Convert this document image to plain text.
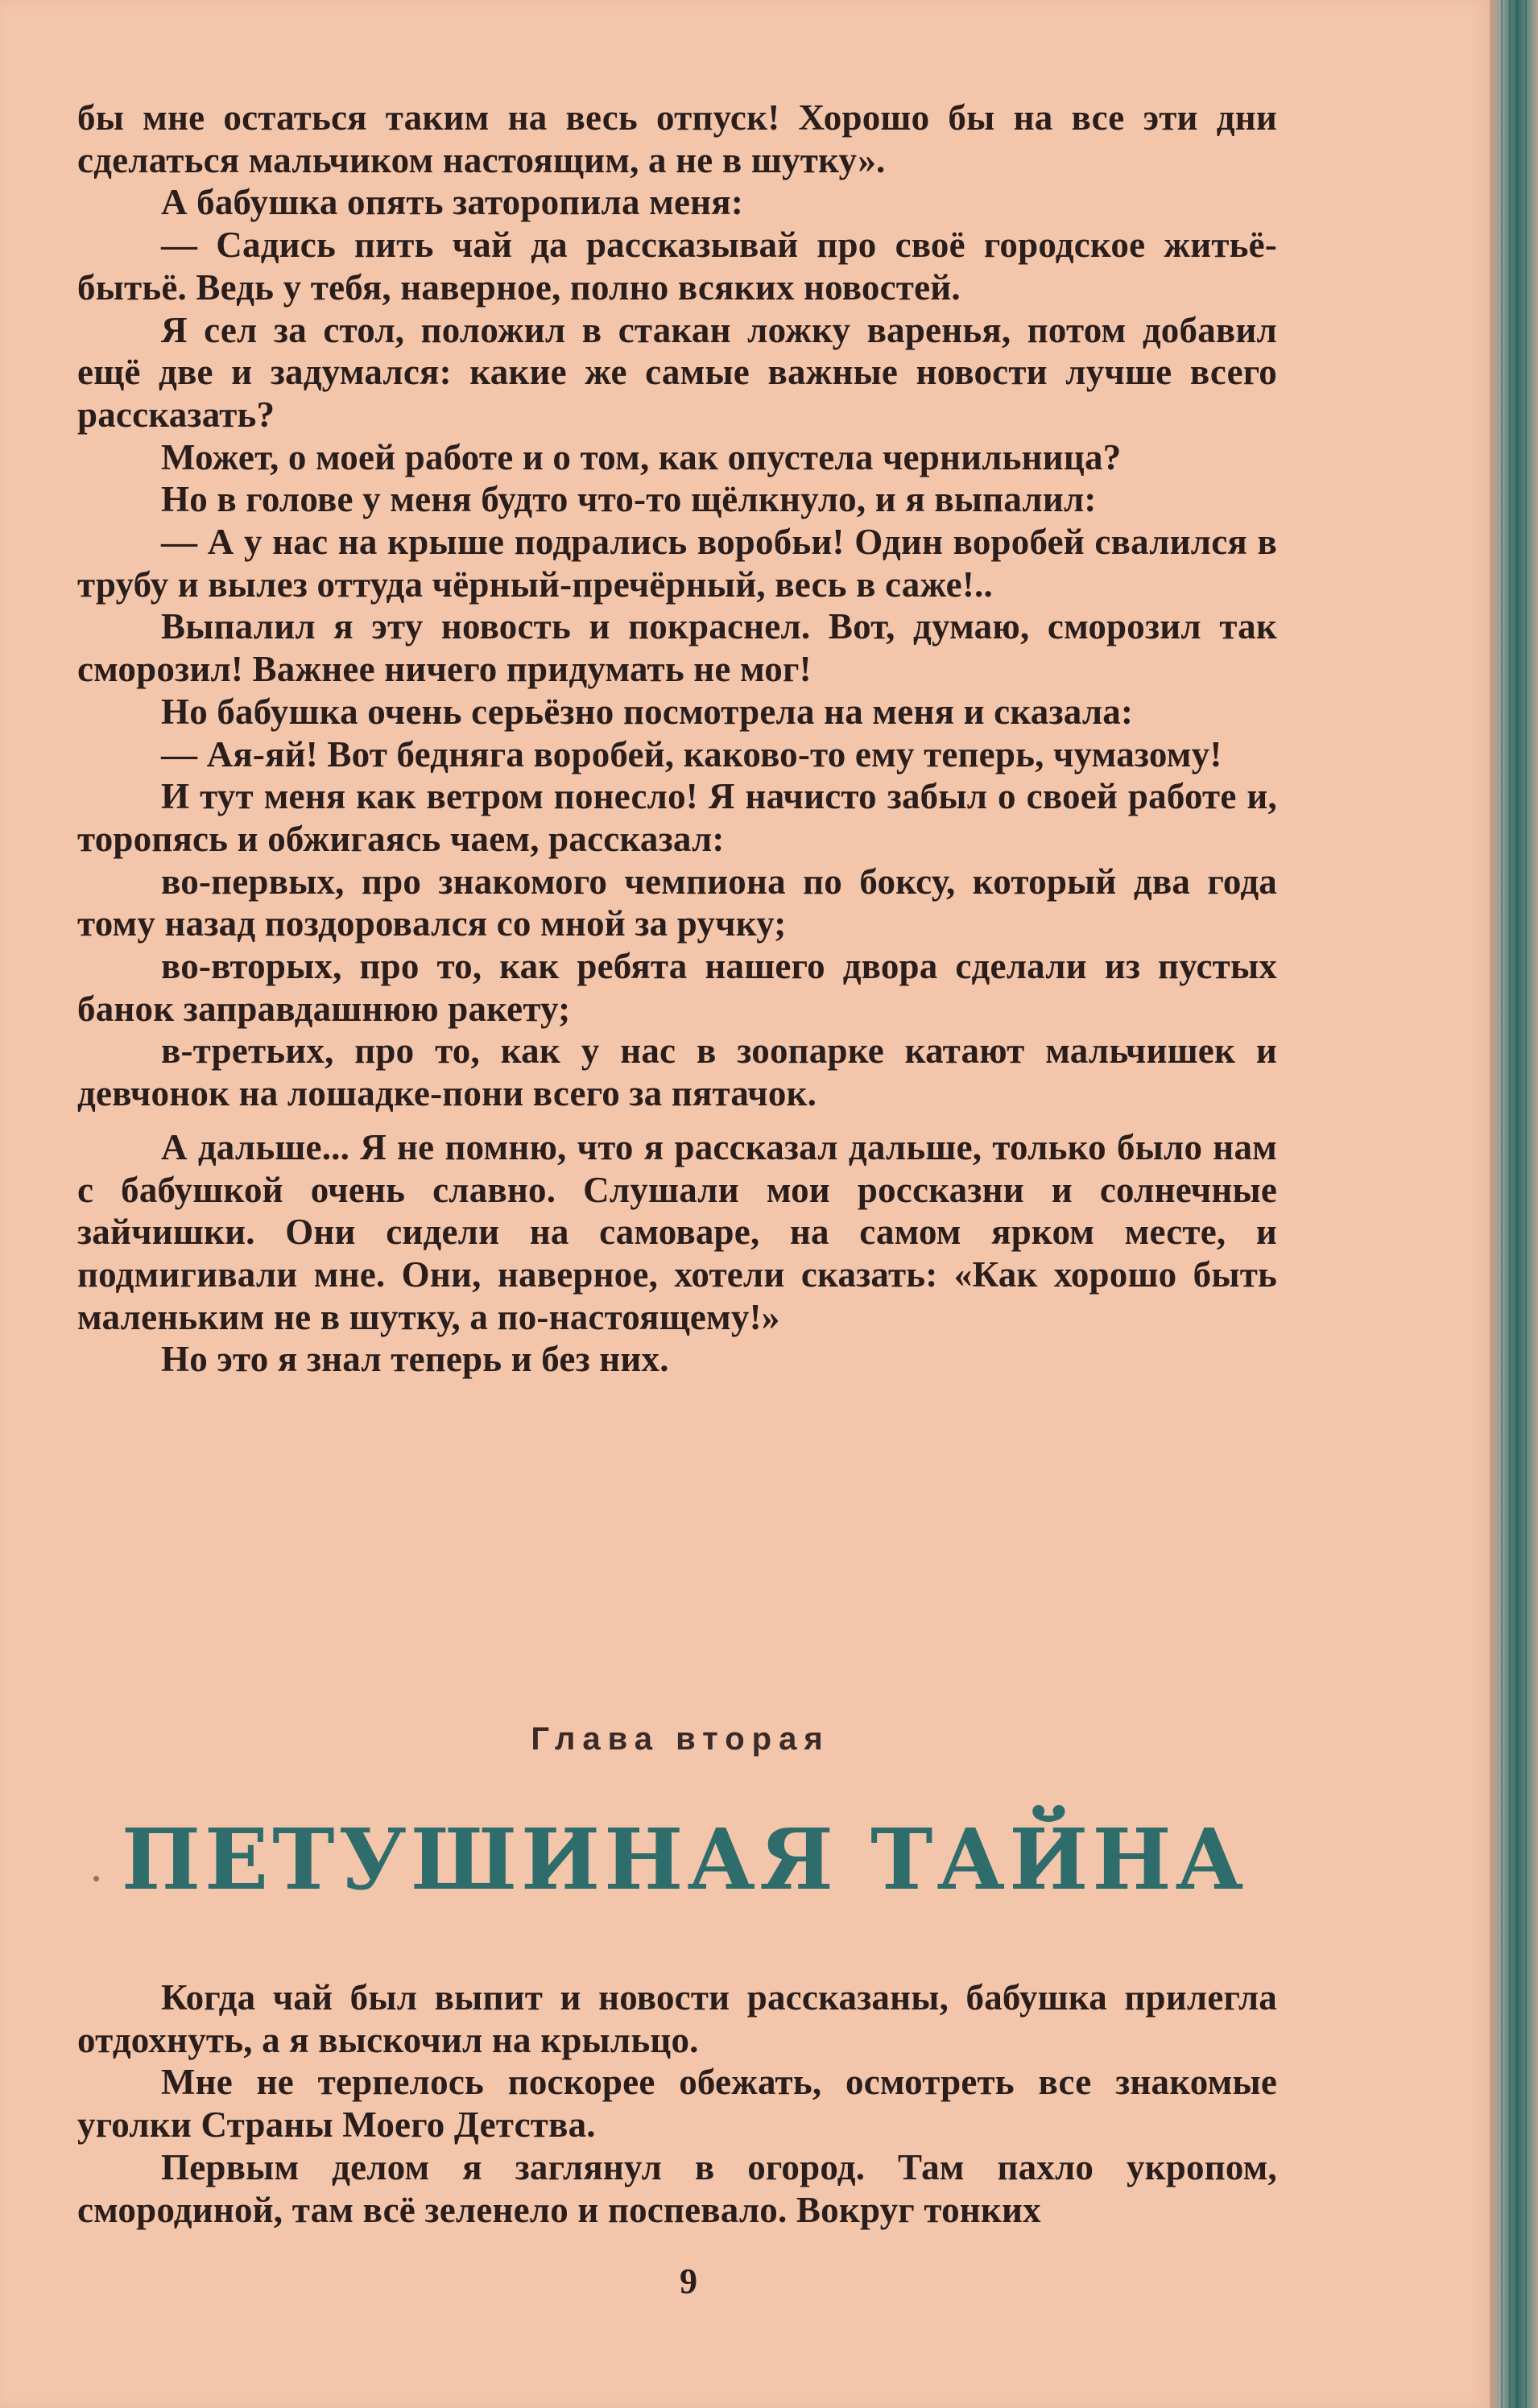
бы мне остаться таким на весь отпуск! Хорошо бы на все эти дни сделаться мальчиком настоящим, а не в шутку».

А бабушка опять заторопила меня:

— Садись пить чай да рассказывай про своё городское житьё-бытьё. Ведь у тебя, наверное, полно всяких новостей.

Я сел за стол, положил в стакан ложку варенья, потом добавил ещё две и задумался: какие же самые важные новости лучше всего рассказать?

Может, о моей работе и о том, как опустела чернильница?

Но в голове у меня будто что-то щёлкнуло, и я выпалил:

— А у нас на крыше подрались воробьи! Один воробей свалился в трубу и вылез оттуда чёрный-пречёрный, весь в саже!..

Выпалил я эту новость и покраснел. Вот, думаю, сморозил так сморозил! Важнее ничего придумать не мог!

Но бабушка очень серьёзно посмотрела на меня и сказала:

— Ая-яй! Вот бедняга воробей, каково-то ему теперь, чумазому!

И тут меня как ветром понесло! Я начисто забыл о своей работе и, торопясь и обжигаясь чаем, рассказал:

во-первых, про знакомого чемпиона по боксу, который два года тому назад поздоровался со мной за ручку;

во-вторых, про то, как ребята нашего двора сделали из пустых банок заправдашнюю ракету;

в-третьих, про то, как у нас в зоопарке катают мальчишек и девчонок на лошадке-пони всего за пятачок.

А дальше... Я не помню, что я рассказал дальше, только было нам с бабушкой очень славно. Слушали мои россказни и солнечные зайчишки. Они сидели на самоваре, на самом ярком месте, и подмигивали мне. Они, наверное, хотели сказать: «Как хорошо быть маленьким не в шутку, а по-настоящему!»

Но это я знал теперь и без них.

Глава вторая
ПЕТУШИНАЯ ТАЙНА

Когда чай был выпит и новости рассказаны, бабушка прилегла отдохнуть, а я выскочил на крыльцо.

Мне не терпелось поскорее обежать, осмотреть все знакомые уголки Страны Моего Детства.

Первым делом я заглянул в огород. Там пахло укропом, смородиной, там всё зеленело и поспевало. Вокруг тонких

9
